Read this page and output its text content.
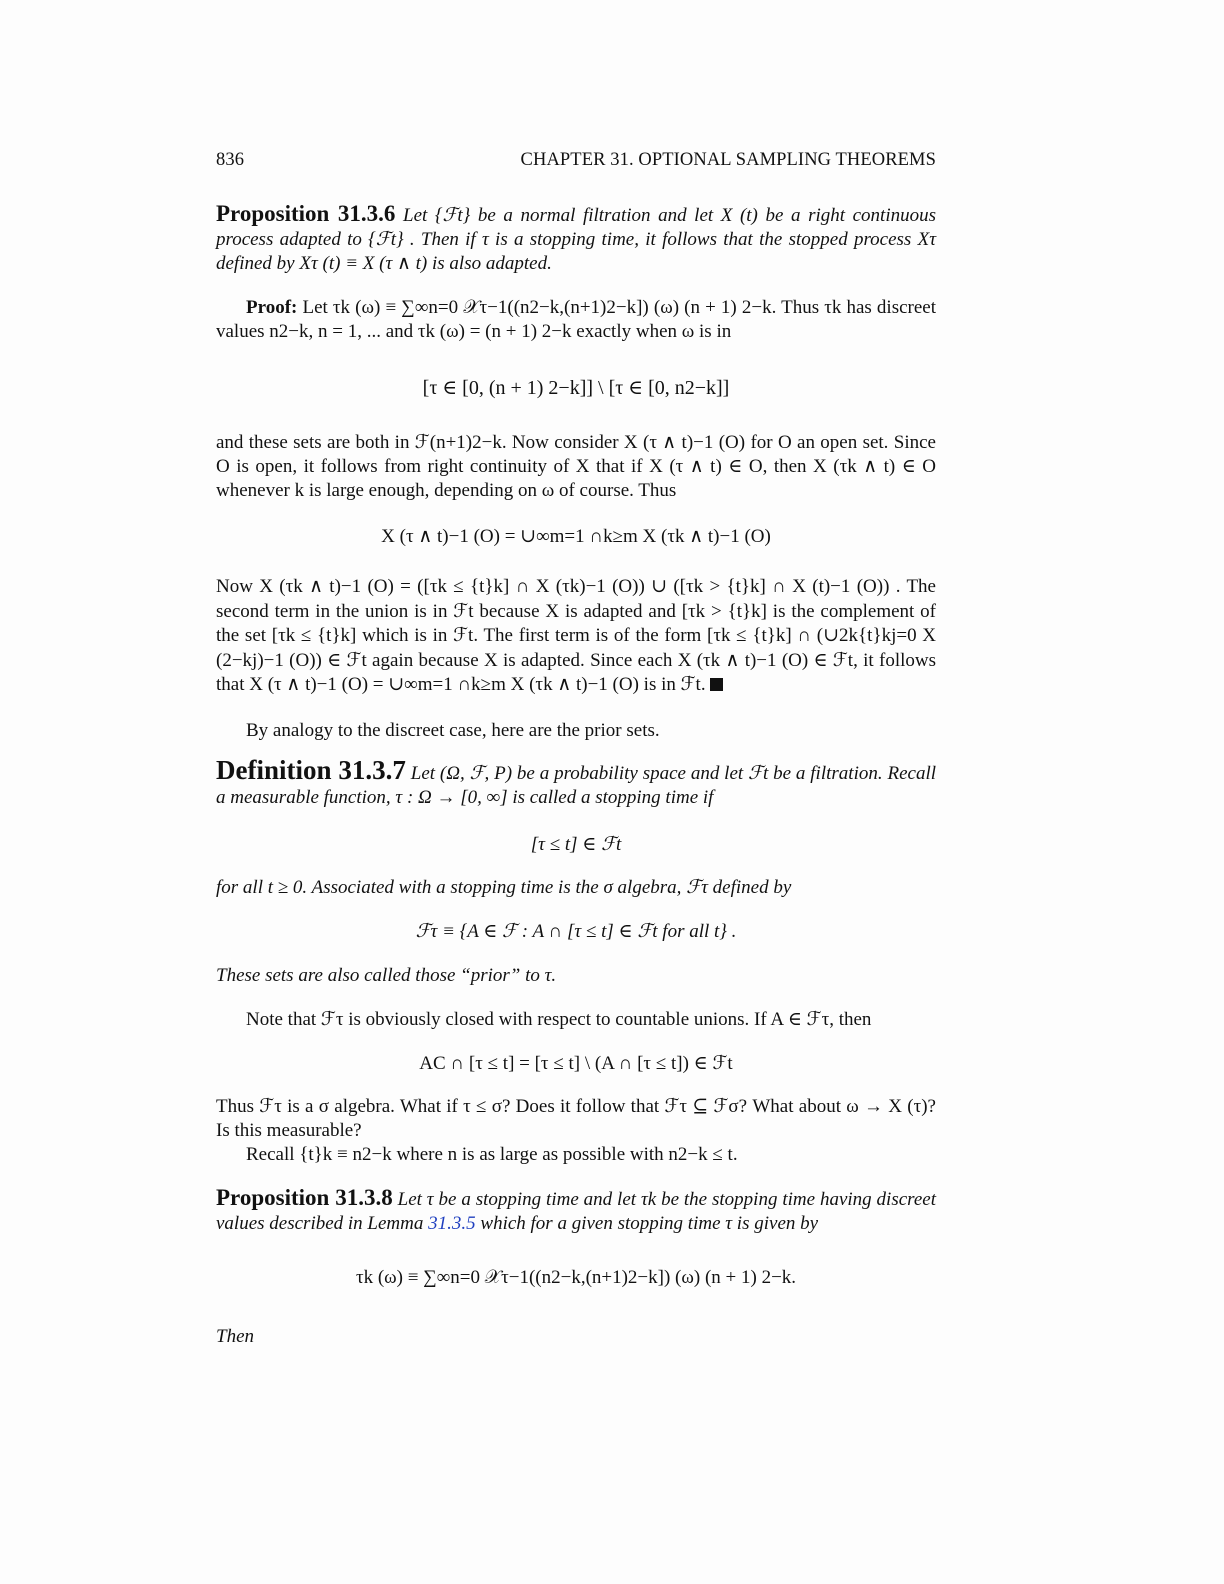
836	CHAPTER 31. OPTIONAL SAMPLING THEOREMS
Proposition 31.3.6 Let {ℱt} be a normal filtration and let X (t) be a right continuous process adapted to {ℱt} . Then if τ is a stopping time, it follows that the stopped process Xτ defined by Xτ (t) ≡ X (τ ∧ t) is also adapted.
Proof: Let τk (ω) ≡ ∑∞n=0 𝒳τ−1((n2−k,(n+1)2−k]) (ω) (n + 1) 2−k. Thus τk has discreet values n2−k, n = 1, ... and τk (ω) = (n + 1) 2−k exactly when ω is in
[τ ∈ [0, (n + 1) 2−k]] \ [τ ∈ [0, n2−k]]
and these sets are both in ℱ(n+1)2−k. Now consider X (τ ∧ t)−1 (O) for O an open set. Since O is open, it follows from right continuity of X that if X (τ ∧ t) ∈ O, then X (τk ∧ t) ∈ O whenever k is large enough, depending on ω of course. Thus
X (τ ∧ t)−1 (O) = ∪∞m=1 ∩k≥m X (τk ∧ t)−1 (O)
Now X (τk ∧ t)−1 (O) = ([τk ≤ {t}k] ∩ X (τk)−1 (O)) ∪ ([τk > {t}k] ∩ X (t)−1 (O)) . The second term in the union is in ℱt because X is adapted and [τk > {t}k] is the complement of the set [τk ≤ {t}k] which is in ℱt. The first term is of the form [τk ≤ {t}k] ∩ (∪2k{t}kj=0 X (2−kj)−1 (O)) ∈ ℱt again because X is adapted. Since each X (τk ∧ t)−1 (O) ∈ ℱt, it follows that X (τ ∧ t)−1 (O) = ∪∞m=1 ∩k≥m X (τk ∧ t)−1 (O) is in ℱt.
By analogy to the discreet case, here are the prior sets.
Definition 31.3.7 Let (Ω, ℱ, P) be a probability space and let ℱt be a filtration. Recall a measurable function, τ : Ω → [0, ∞] is called a stopping time if
[τ ≤ t] ∈ ℱt
for all t ≥ 0. Associated with a stopping time is the σ algebra, ℱτ defined by
ℱτ ≡ {A ∈ ℱ : A ∩ [τ ≤ t] ∈ ℱt for all t} .
These sets are also called those “prior” to τ.
Note that ℱτ is obviously closed with respect to countable unions. If A ∈ ℱτ, then
AC ∩ [τ ≤ t] = [τ ≤ t] \ (A ∩ [τ ≤ t]) ∈ ℱt
Thus ℱτ is a σ algebra. What if τ ≤ σ? Does it follow that ℱτ ⊆ ℱσ? What about ω → X (τ)? Is this measurable?
Recall {t}k ≡ n2−k where n is as large as possible with n2−k ≤ t.
Proposition 31.3.8 Let τ be a stopping time and let τk be the stopping time having discreet values described in Lemma 31.3.5 which for a given stopping time τ is given by
τk (ω) ≡ ∑∞n=0 𝒳τ−1((n2−k,(n+1)2−k]) (ω) (n + 1) 2−k.
Then
